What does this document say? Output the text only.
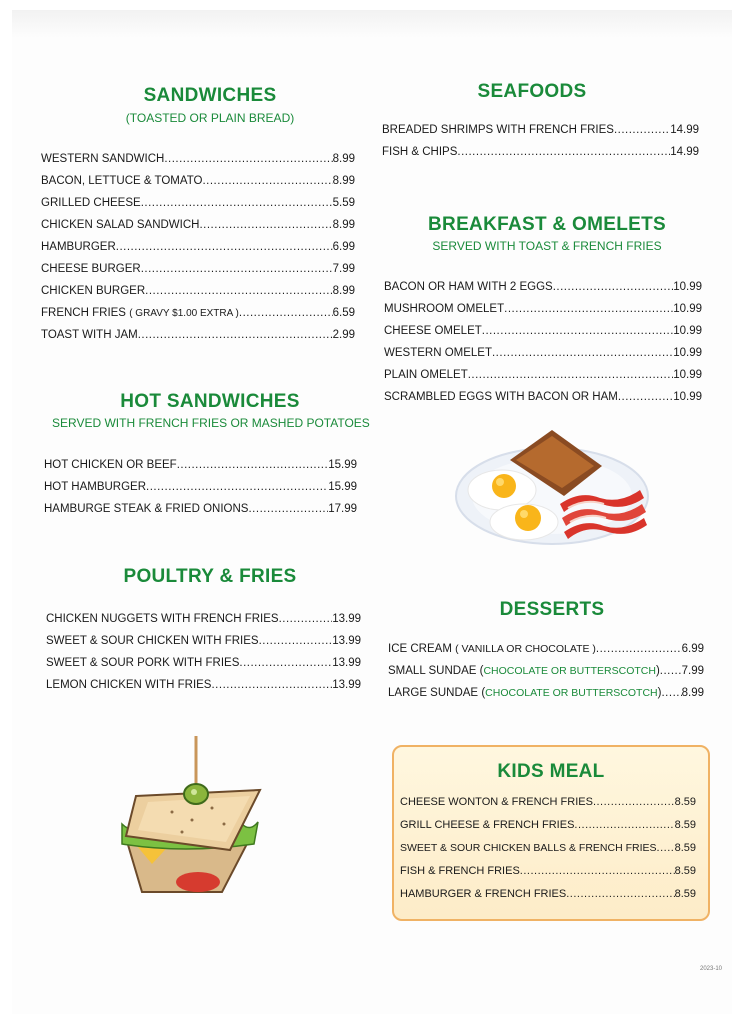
SANDWICHES
(TOASTED OR PLAIN BREAD)
WESTERN SANDWICH .....	8.99
BACON, LETTUCE & TOMATO .....	8.99
GRILLED CHEESE .....	5.59
CHICKEN SALAD SANDWICH .....	8.99
HAMBURGER .....	6.99
CHEESE BURGER .....	7.99
CHICKEN BURGER .....	8.99
FRENCH FRIES
( GRAVY $1.00 EXTRA ) .....	6.59
TOAST WITH JAM .....	2.99
HOT SANDWICHES
SERVED WITH FRENCH FRIES OR MASHED POTATOES
HOT CHICKEN OR BEEF .....	15.99
HOT HAMBURGER .....	15.99
HAMBURGE STEAK & FRIED ONIONS .....	17.99
POULTRY & FRIES
CHICKEN NUGGETS WITH FRENCH FRIES .....	13.99
SWEET & SOUR CHICKEN WITH FRIES .....	13.99
SWEET & SOUR PORK WITH FRIES .....	13.99
LEMON CHICKEN WITH FRIES .....	13.99
SEAFOODS
BREADED SHRIMPS WITH FRENCH FRIES .....	14.99
FISH & CHIPS .....	14.99
BREAKFAST & OMELETS
SERVED WITH TOAST & FRENCH FRIES
BACON OR HAM WITH 2 EGGS .....	10.99
MUSHROOM OMELET .....	10.99
CHEESE OMELET .....	10.99
WESTERN OMELET .....	10.99
PLAIN OMELET .....	10.99
SCRAMBLED EGGS WITH BACON OR HAM .....	10.99
DESSERTS
ICE CREAM
( VANILLA OR CHOCOLATE ) .....	6.99
SMALL SUNDAE
( CHOCOLATE OR BUTTERSCOTCH ) ..... 7.99
LARGE SUNDAE
( CHOCOLATE OR BUTTERSCOTCH ) ..... 8.99
KIDS MEAL
CHEESE WONTON & FRENCH FRIES .....	8.59
GRILL CHEESE & FRENCH FRIES .....	8.59
SWEET & SOUR CHICKEN BALLS & FRENCH FRIES ..... 8.59
FISH & FRENCH FRIES .....	8.59
HAMBURGER & FRENCH FRIES .....	8.59
2023-10
